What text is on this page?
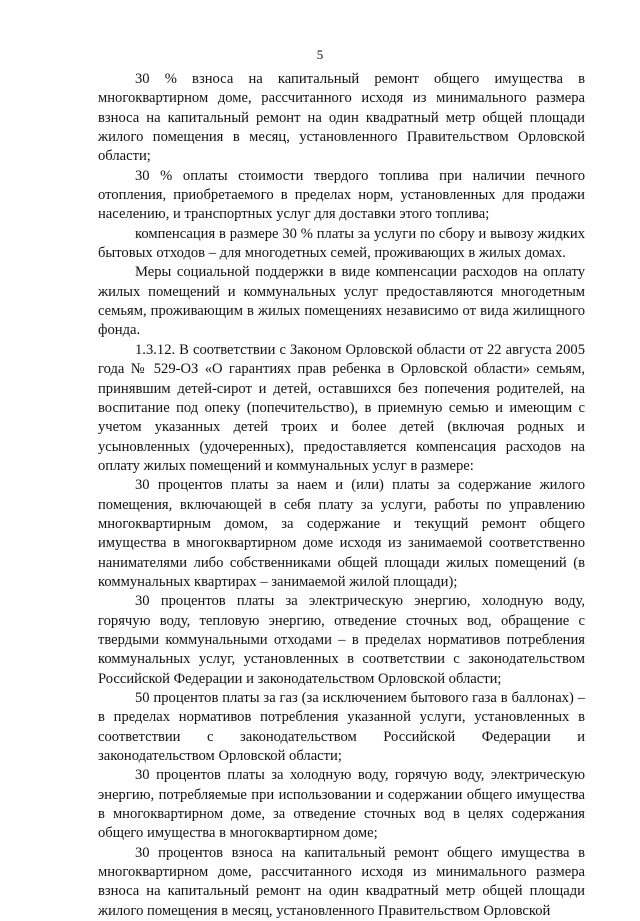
5

30 % взноса на капитальный ремонт общего имущества в многоквартирном доме, рассчитанного исходя из минимального размера взноса на капитальный ремонт на один квадратный метр общей площади жилого помещения в месяц, установленного Правительством Орловской области;

30 % оплаты стоимости твердого топлива при наличии печного отопления, приобретаемого в пределах норм, установленных для продажи населению, и транспортных услуг для доставки этого топлива;

компенсация в размере 30 % платы за услуги по сбору и вывозу жидких бытовых отходов – для многодетных семей, проживающих в жилых домах.

Меры социальной поддержки в виде компенсации расходов на оплату жилых помещений и коммунальных услуг предоставляются многодетным семьям, проживающим в жилых помещениях независимо от вида жилищного фонда.

1.3.12. В соответствии с Законом Орловской области от 22 августа 2005 года № 529-ОЗ «О гарантиях прав ребенка в Орловской области» семьям, принявшим детей-сирот и детей, оставшихся без попечения родителей, на воспитание под опеку (попечительство), в приемную семью и имеющим с учетом указанных детей троих и более детей (включая родных и усыновленных (удочеренных), предоставляется компенсация расходов на оплату жилых помещений и коммунальных услуг в размере:

30 процентов платы за наем и (или) платы за содержание жилого помещения, включающей в себя плату за услуги, работы по управлению многоквартирным домом, за содержание и текущий ремонт общего имущества в многоквартирном доме исходя из занимаемой соответственно нанимателями либо собственниками общей площади жилых помещений (в коммунальных квартирах – занимаемой жилой площади);

30 процентов платы за электрическую энергию, холодную воду, горячую воду, тепловую энергию, отведение сточных вод, обращение с твердыми коммунальными отходами – в пределах нормативов потребления коммунальных услуг, установленных в соответствии с законодательством Российской Федерации и законодательством Орловской области;

50 процентов платы за газ (за исключением бытового газа в баллонах) – в пределах нормативов потребления указанной услуги, установленных в соответствии с законодательством Российской Федерации и законодательством Орловской области;

30 процентов платы за холодную воду, горячую воду, электрическую энергию, потребляемые при использовании и содержании общего имущества в многоквартирном доме, за отведение сточных вод в целях содержания общего имущества в многоквартирном доме;

30 процентов взноса на капитальный ремонт общего имущества в многоквартирном доме, рассчитанного исходя из минимального размера взноса на капитальный ремонт на один квадратный метр общей площади жилого помещения в месяц, установленного Правительством Орловской
